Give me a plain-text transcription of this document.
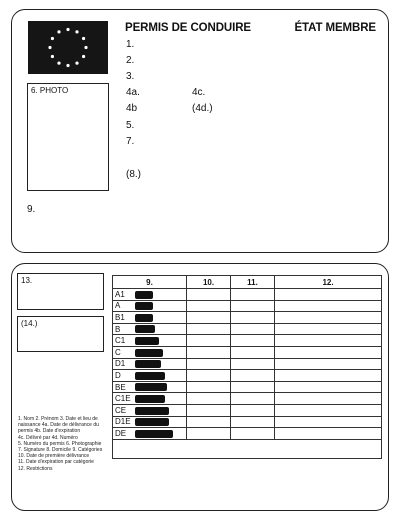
PERMIS DE CONDUIRE	ÉTAT MEMBRE
1.
2.
3.
4a.	4c.
4b	(4d.)
5.
7.
(8.)
9.
6. PHOTO
13.
(14.)
1. Nom 2. Prénom 3. Date et lieu de
naissance 4a. Date de délivrance du
permis 4b. Date d'expiration
4c. Délivré par 4d. Numéro
5. Numéro du permis 6. Photographie
7. Signature 8. Domicile 9. Catégories
10. Date de première délivrance
11. Date d'expiration par catégorie
12. Restrictions
9.	10.	11.	12.
A1			
A			
B1			
B			
C1			
C			
D1			
D			
BE			
C1E			
CE			
D1E			
DE			
